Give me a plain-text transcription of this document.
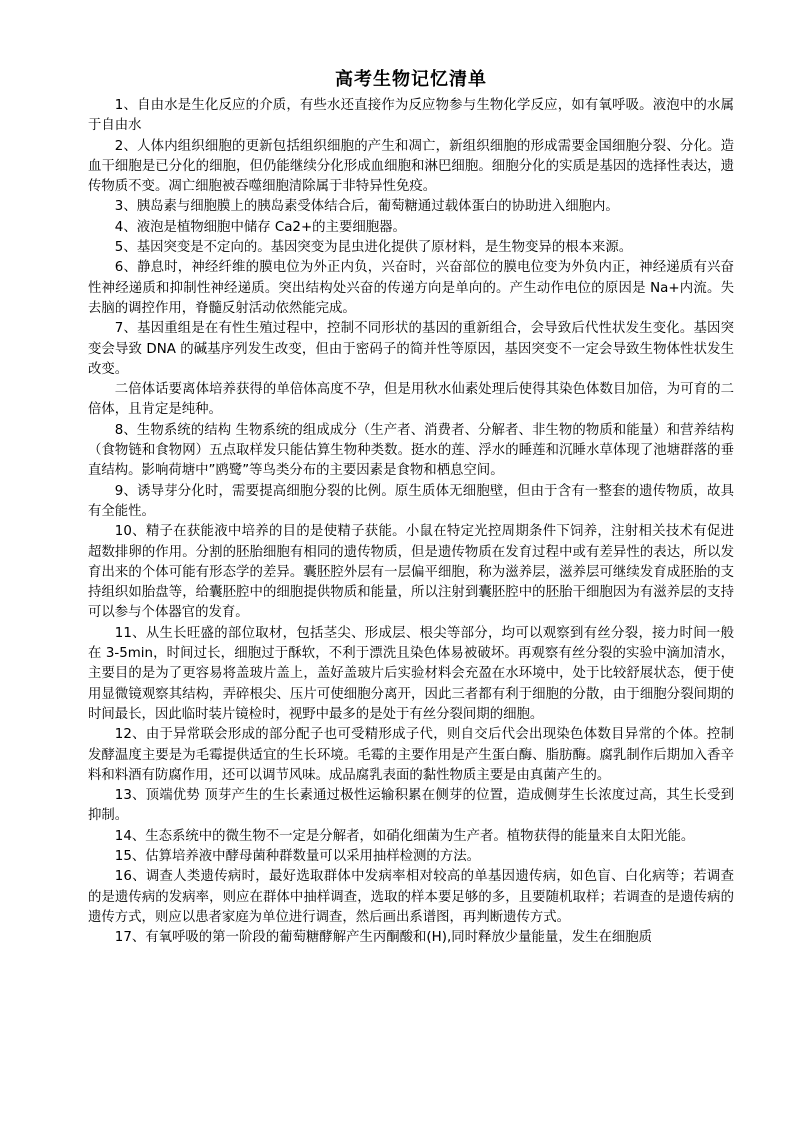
高考生物记忆清单

1、自由水是生化反应的介质，有些水还直接作为反应物参与生物化学反应，如有氧呼吸。液泡中的水属于自由水

2、人体内组织细胞的更新包括组织细胞的产生和凋亡，新组织细胞的形成需要金国细胞分裂、分化。造血干细胞是已分化的细胞，但仍能继续分化形成血细胞和淋巴细胞。细胞分化的实质是基因的选择性表达，遗传物质不变。凋亡细胞被吞噬细胞清除属于非特异性免疫。

3、胰岛素与细胞膜上的胰岛素受体结合后，葡萄糖通过载体蛋白的协助进入细胞内。

4、液泡是植物细胞中储存 Ca2+的主要细胞器。

5、基因突变是不定向的。基因突变为昆虫进化提供了原材料，是生物变异的根本来源。

6、静息时，神经纤维的膜电位为外正内负，兴奋时，兴奋部位的膜电位变为外负内正，神经递质有兴奋性神经递质和抑制性神经递质。突出结构处兴奋的传递方向是单向的。产生动作电位的原因是 Na+内流。失去脑的调控作用，脊髓反射活动依然能完成。

7、基因重组是在有性生殖过程中，控制不同形状的基因的重新组合，会导致后代性状发生变化。基因突变会导致 DNA 的碱基序列发生改变，但由于密码子的简并性等原因，基因突变不一定会导致生物体性状发生改变。

二倍体话要离体培养获得的单倍体高度不孕，但是用秋水仙素处理后使得其染色体数目加倍，为可育的二倍体，且肯定是纯种。

8、生物系统的结构 生物系统的组成成分（生产者、消费者、分解者、非生物的物质和能量）和营养结构（食物链和食物网）五点取样发只能估算生物种类数。挺水的莲、浮水的睡莲和沉睡水草体现了池塘群落的垂直结构。影响荷塘中”鸥鹭”等鸟类分布的主要因素是食物和栖息空间。

9、诱导芽分化时，需要提高细胞分裂的比例。原生质体无细胞壁，但由于含有一整套的遗传物质，故具有全能性。

10、精子在获能液中培养的目的是使精子获能。小鼠在特定光控周期条件下饲养，注射相关技术有促进超数排卵的作用。分割的胚胎细胞有相同的遗传物质，但是遗传物质在发育过程中或有差异性的表达，所以发育出来的个体可能有形态学的差异。囊胚腔外层有一层偏平细胞，称为滋养层，滋养层可继续发育成胚胎的支持组织如胎盘等，给囊胚腔中的细胞提供物质和能量，所以注射到囊胚腔中的胚胎干细胞因为有滋养层的支持可以参与个体器官的发育。

11、从生长旺盛的部位取材，包括茎尖、形成层、根尖等部分，均可以观察到有丝分裂，接力时间一般在 3-5min，时间过长，细胞过于酥软，不利于漂洗且染色体易被破坏。再观察有丝分裂的实验中滴加清水，主要目的是为了更容易将盖玻片盖上，盖好盖玻片后实验材料会充盈在水环境中，处于比较舒展状态，便于使用显微镜观察其结构，弄碎根尖、压片可使细胞分离开，因此三者都有利于细胞的分散，由于细胞分裂间期的时间最长，因此临时装片镜检时，视野中最多的是处于有丝分裂间期的细胞。

12、由于异常联会形成的部分配子也可受精形成子代，则自交后代会出现染色体数目异常的个体。控制发酵温度主要是为毛霉提供适宜的生长环境。毛霉的主要作用是产生蛋白酶、脂肪酶。腐乳制作后期加入香辛料和料酒有防腐作用，还可以调节风味。成品腐乳表面的黏性物质主要是由真菌产生的。

13、顶端优势 顶芽产生的生长素通过极性运输积累在侧芽的位置，造成侧芽生长浓度过高，其生长受到抑制。

14、生态系统中的微生物不一定是分解者，如硝化细菌为生产者。植物获得的能量来自太阳光能。

15、估算培养液中酵母菌种群数量可以采用抽样检测的方法。

16、调查人类遗传病时，最好选取群体中发病率相对较高的单基因遗传病，如色盲、白化病等；若调查的是遗传病的发病率，则应在群体中抽样调查，选取的样本要足够的多，且要随机取样；若调查的是遗传病的遗传方式，则应以患者家庭为单位进行调查，然后画出系谱图，再判断遗传方式。

17、有氧呼吸的第一阶段的葡萄糖酵解产生丙酮酸和(H),同时释放少量能量，发生在细胞质
